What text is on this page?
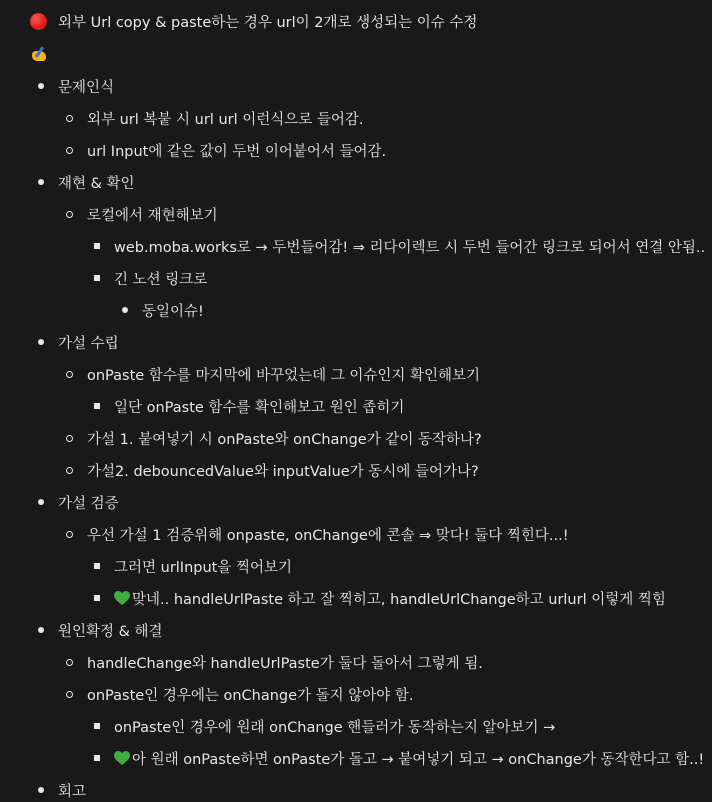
외부 Url copy & paste하는 경우 url이 2개로 생성되는 이슈 수정
문제인식
외부 url 복붙 시 url url 이런식으로 들어감.
url Input에 같은 값이 두번 이어붙어서 들어감.
재현 & 확인
로컬에서 재현해보기
web.moba.works로 → 두번들어감! ⇒ 리다이렉트 시 두번 들어간 링크로 되어서 연결 안됨..
긴 노션 링크로
동일이슈!
가설 수립
onPaste 함수를 마지막에 바꾸었는데 그 이슈인지 확인해보기
일단 onPaste 함수를 확인해보고 원인 좁히기
가설 1. 붙여넣기 시 onPaste와 onChange가 같이 동작하나?
가설2. debouncedValue와 inputValue가 동시에 들어가나?
가설 검증
우선 가설 1 검증위해 onpaste, onChange에 콘솔 ⇒ 맞다! 둘다 찍힌다...!
그러면 urlInput을 찍어보기
맞네.. handleUrlPaste 하고 잘 찍히고, handleUrlChange하고 urlurl 이렇게 찍힘
원인확정 & 해결
handleChange와 handleUrlPaste가 둘다 돌아서 그렇게 됨.
onPaste인 경우에는 onChange가 돌지 않아야 함.
onPaste인 경우에 원래 onChange 핸들러가 동작하는지 알아보기 →
아 원래 onPaste하면 onPaste가 돌고 → 붙여넣기 되고 → onChange가 동작한다고 함..!
회고
